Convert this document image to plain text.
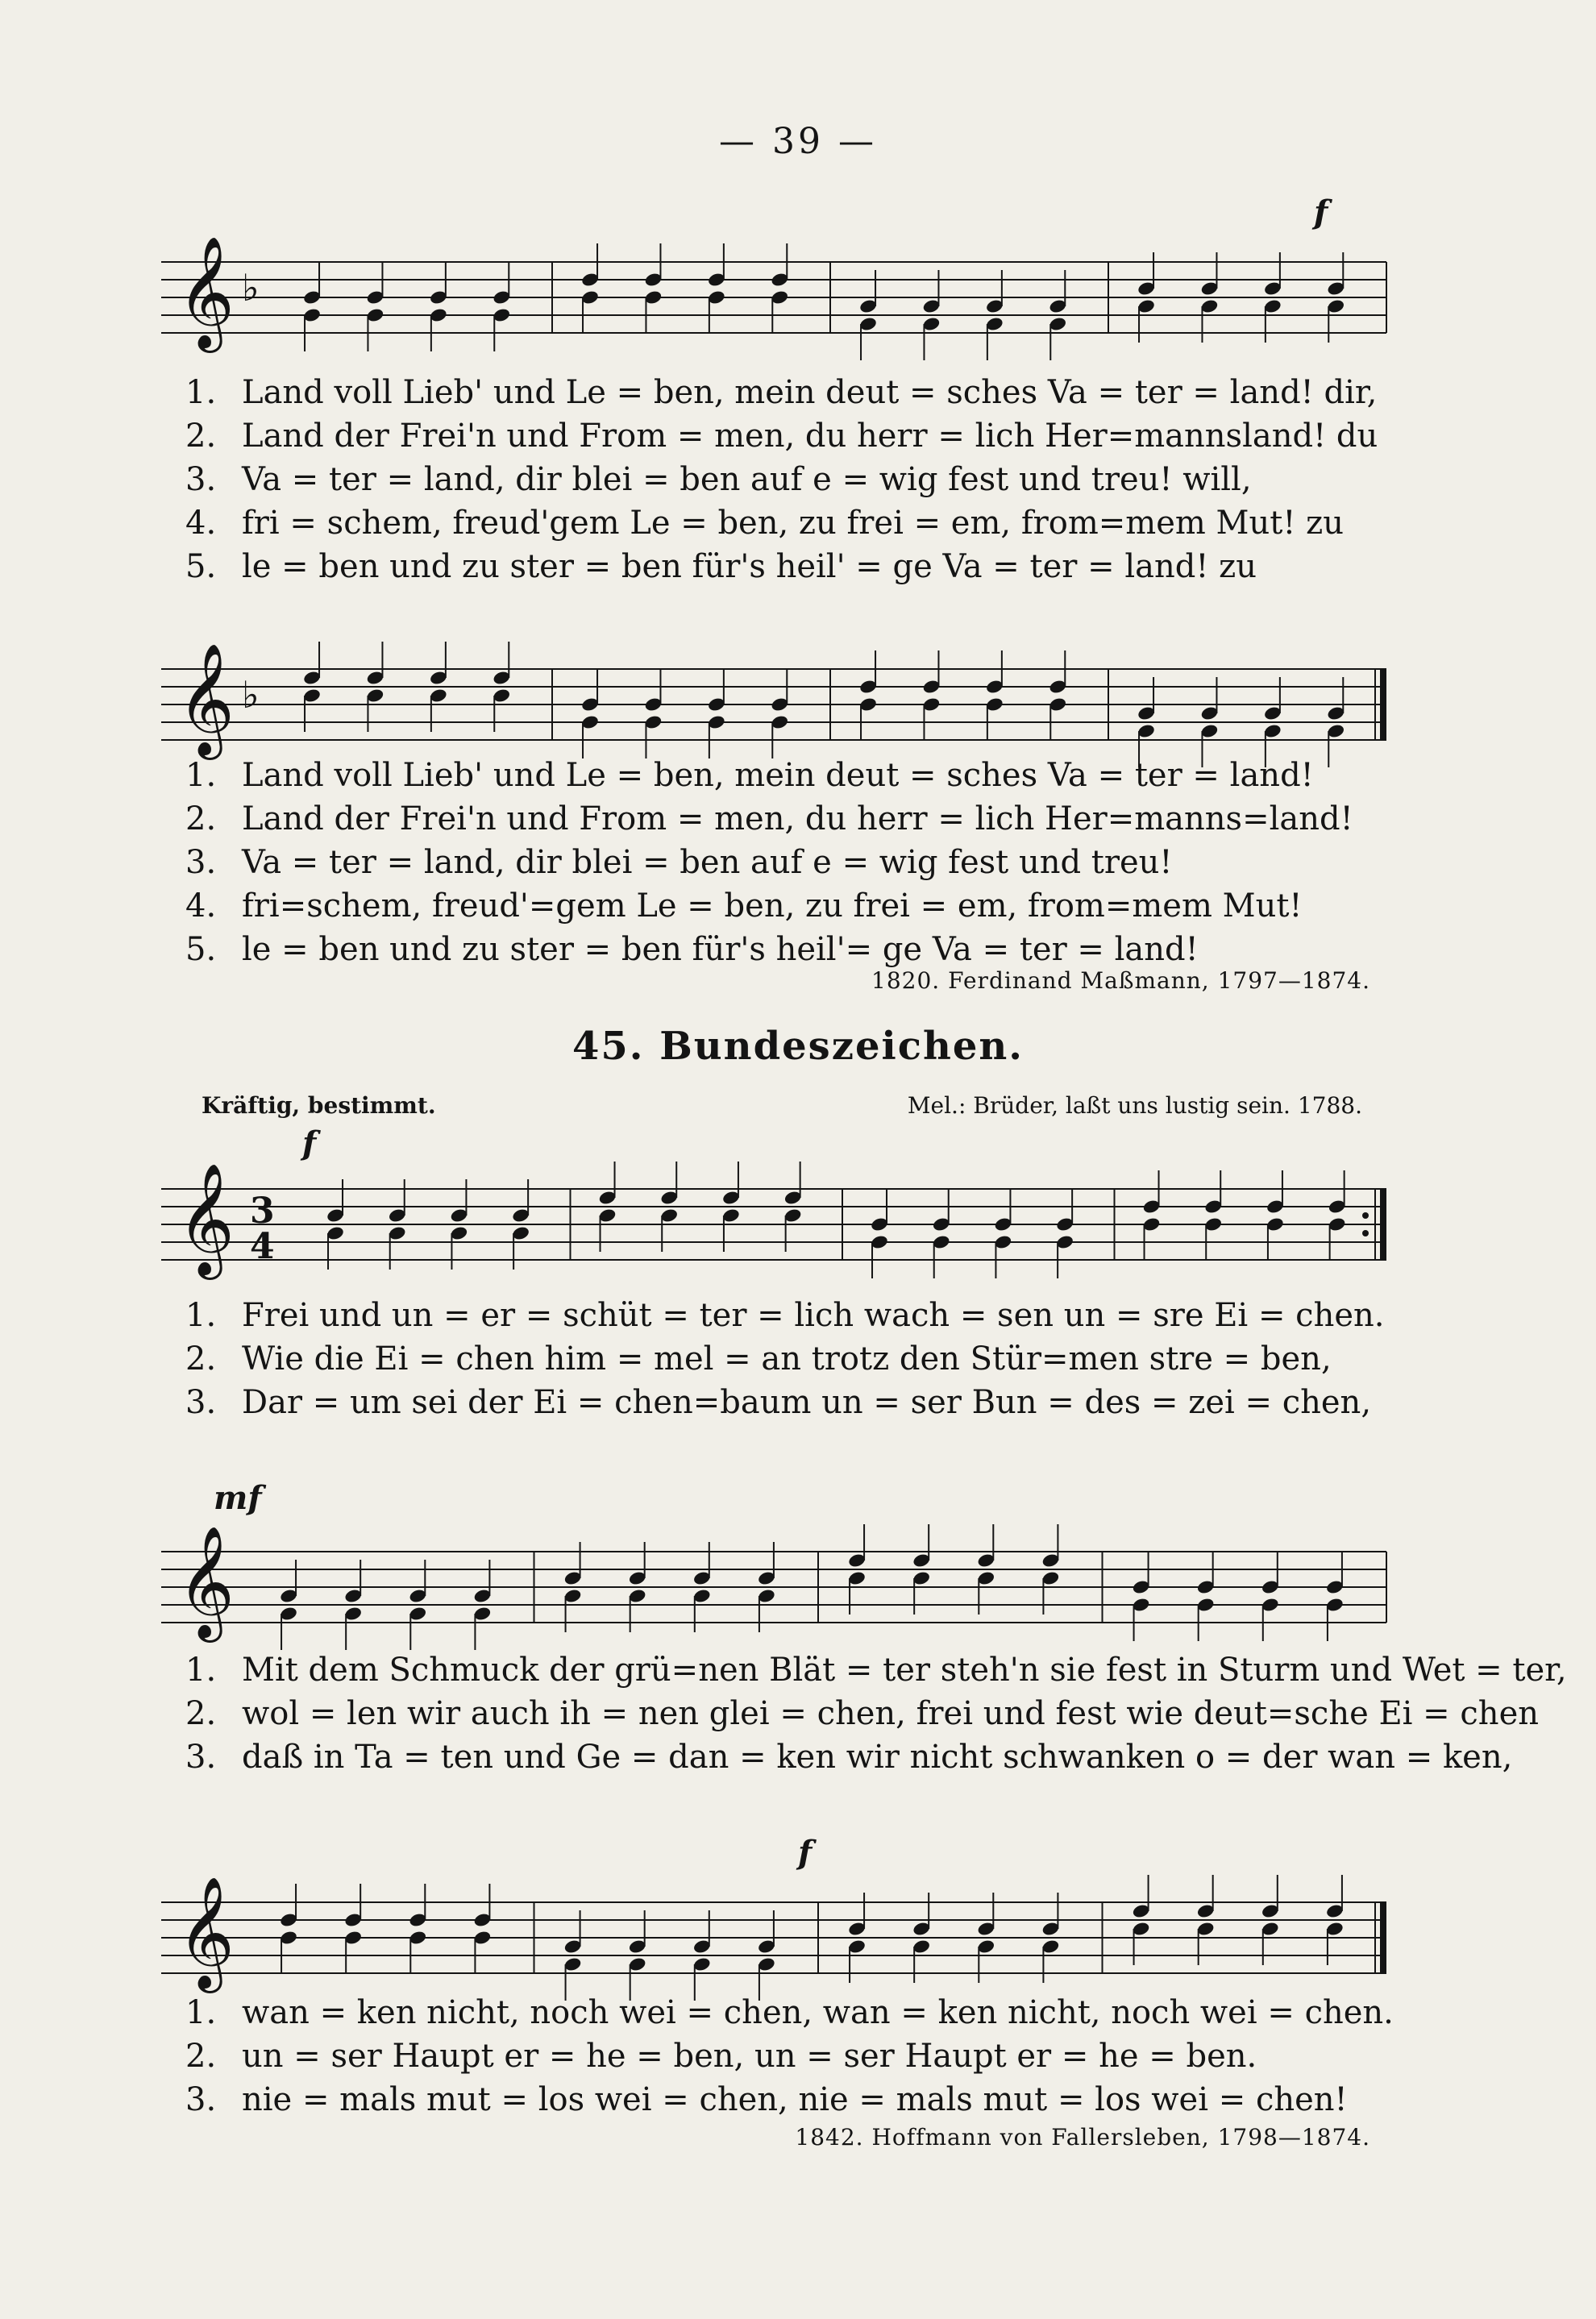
— 39 —
𝄞 ♭
f
1. Land voll Lieb' und Le = ben, mein deut = sches Va = ter = land! dir,
2. Land der Frei'n und From = men, du herr = lich Her=mannsland! du
3. Va = ter = land, dir blei = ben auf e = wig fest und treu! will,
4. fri = schem, freud'gem Le = ben, zu frei = em, from=mem Mut! zu
5. le = ben und zu ster = ben für's heil' = ge Va = ter = land! zu
𝄞 ♭
1. Land voll Lieb' und Le = ben, mein deut = sches Va = ter = land!
2. Land der Frei'n und From = men, du herr = lich Her=manns=land!
3. Va = ter = land, dir blei = ben auf e = wig fest und treu!
4. fri=schem, freud'=gem Le = ben, zu frei = em, from=mem Mut!
5. le = ben und zu ster = ben für's heil'= ge Va = ter = land!
1820. Ferdinand Maßmann, 1797—1874.
45. Bundeszeichen.
Kräftig, bestimmt.	Mel.: Brüder, laßt uns lustig sein. 1788.
𝄞 3
4
f
1. Frei und un = er = schüt = ter = lich wach = sen un = sre Ei = chen.
2. Wie die Ei = chen him = mel = an trotz den Stür=men stre = ben,
3. Dar = um sei der Ei = chen=baum un = ser Bun = des = zei = chen,
𝄞
mf
1. Mit dem Schmuck der grü=nen Blät = ter steh'n sie fest in Sturm und Wet = ter,
2. wol = len wir auch ih = nen glei = chen, frei und fest wie deut=sche Ei = chen
3. daß in Ta = ten und Ge = dan = ken wir nicht schwanken o = der wan = ken,
𝄞
f
1. wan = ken nicht, noch wei = chen, wan = ken nicht, noch wei = chen.
2. un = ser Haupt er = he = ben, un = ser Haupt er = he = ben.
3. nie = mals mut = los wei = chen, nie = mals mut = los wei = chen!
1842. Hoffmann von Fallersleben, 1798—1874.
